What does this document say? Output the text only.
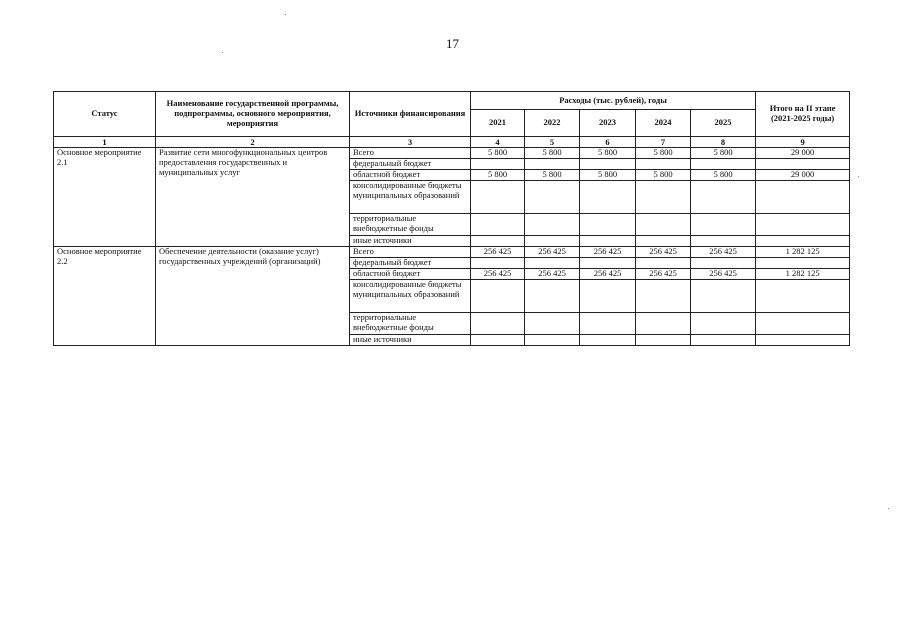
17
Статус	Наименование государственной программы, подпрограммы, основного мероприятия, мероприятия	Источники финансирования	Расходы (тыс. рублей), годы					Итого на II этапе (2021-2025 годы)
			2021	2022	2023	2024	2025	
1	2	3	4	5	6	7	8	9
Основное мероприятие 2.1	Развитие сети многофункциональных центров предоставления государственных и муниципальных услуг	Всего	5 800	5 800	5 800	5 800	5 800	29 000
		федеральный бюджет						
		областной бюджет	5 800	5 800	5 800	5 800	5 800	29 000
		консолидированные бюджеты муниципальных образований						
		территориальные внебюджетные фонды						
		иные источники						
Основное мероприятие 2.2	Обеспечение деятельности (оказание услуг) государственных учреждений (организаций)	Всего	256 425	256 425	256 425	256 425	256 425	1 282 125
		федеральный бюджет						
		областной бюджет	256 425	256 425	256 425	256 425	256 425	1 282 125
		консолидированные бюджеты муниципальных образований						
		территориальные внебюджетные фонды						
		иные источники						
